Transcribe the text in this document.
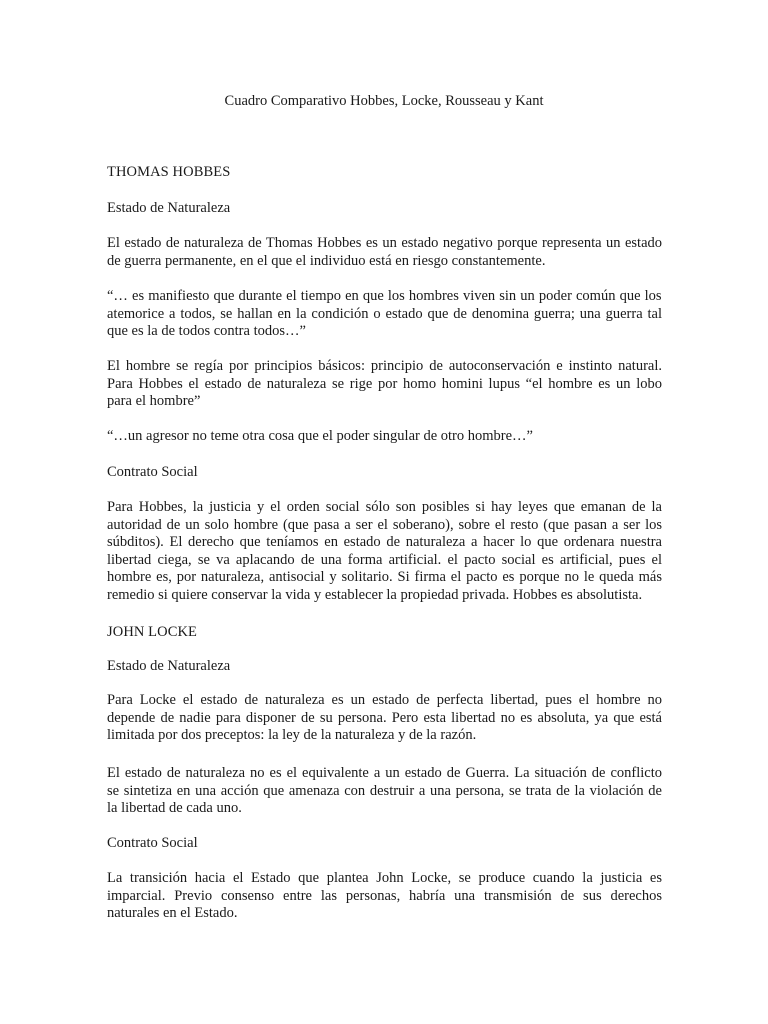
Cuadro Comparativo Hobbes, Locke, Rousseau y Kant
THOMAS HOBBES
Estado de Naturaleza
El estado de naturaleza de Thomas Hobbes es un estado negativo porque representa un estado
de guerra permanente, en el que el individuo está en riesgo constantemente.
“… es manifiesto que durante el tiempo en que los hombres viven sin un poder común que los
atemorice a todos, se hallan en la condición o estado que de denomina guerra; una guerra tal
que es la de todos contra todos…”
El hombre se regía por principios básicos: principio de autoconservación e instinto natural.
Para Hobbes el estado de naturaleza se rige por homo homini lupus “el hombre es un lobo
para el hombre”
“…un agresor no teme otra cosa que el poder singular de otro hombre…”
Contrato Social
Para Hobbes, la justicia y el orden social sólo son posibles si hay leyes que emanan de la
autoridad de un solo hombre (que pasa a ser el soberano), sobre el resto (que pasan a ser los
súbditos). El derecho que teníamos en estado de naturaleza a hacer lo que ordenara nuestra
libertad ciega, se va aplacando de una forma artificial. el pacto social es artificial, pues el
hombre es, por naturaleza, antisocial y solitario. Si firma el pacto es porque no le queda más
remedio si quiere conservar la vida y establecer la propiedad privada. Hobbes es absolutista.
JOHN LOCKE
Estado de Naturaleza
Para Locke el estado de naturaleza es un estado de perfecta libertad, pues el hombre no
depende de nadie para disponer de su persona. Pero esta libertad no es absoluta, ya que está
limitada por dos preceptos: la ley de la naturaleza y de la razón.
El estado de naturaleza no es el equivalente a un estado de Guerra. La situación de conflicto
se sintetiza en una acción que amenaza con destruir a una persona, se trata de la violación de
la libertad de cada uno.
Contrato Social
La transición hacia el Estado que plantea John Locke, se produce cuando la justicia es
imparcial. Previo consenso entre las personas, habría una transmisión de sus derechos
naturales en el Estado.
